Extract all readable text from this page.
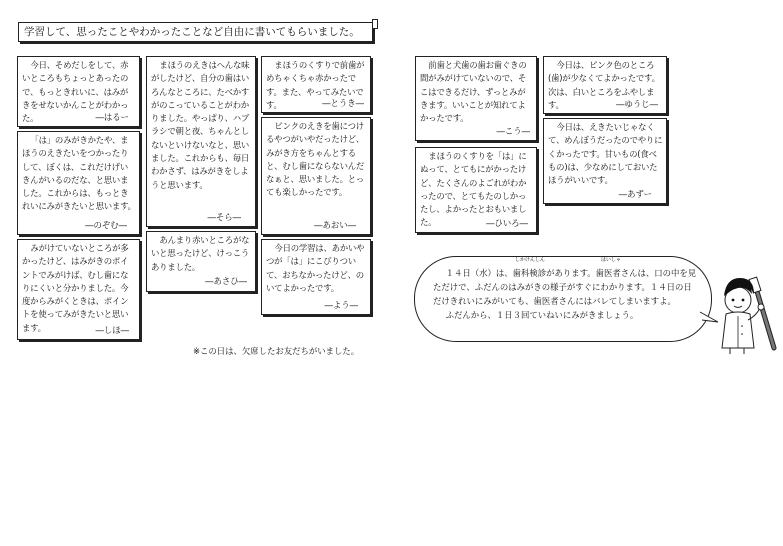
学習して、思ったことやわかったことなど自由に書いてもらいました。
今日、そめだしをして、赤いところもちょっとあったので、もっときれいに、はみがきをせないかんことがわかった。	―はるー
「は」のみがきかたや、まほうのえきたいをつかったりして、ぼくは、これだけげいきんがいるのだな、と思いました。これからは、もっときれいにみがきたいと思います。
―のぞむ―
みがけていないところが多かったけど、はみがきのポイントでみがけば、むし歯になりにくいと分かりました。今度からみがくときは、ポイントを使ってみがきたいと思います。	―しほ―
まほうのえきはへんな味がしたけど、自分の歯はいろんなところに、たべかすがのこっていることがわかりました。やっぱり、ハブラシで朝と夜、ちゃんとしないといけないなと、思いました。これからも、毎日わかさず、はみがきをしようと思います。
―そら―
あんまり赤いところがないと思ったけど、けっこうありました。
―あさひ―
まほうのくすりで前歯がめちゃくちゃ赤かったです。また、やってみたいです。	―とうき―
ピンクのえきを歯につけるやつがいやだったけど、みがき方をちゃんとすると、むし歯にならないんだなぁと、思いました。とっても楽しかったです。
―あおい―
今日の学習は、あかいやつが「は」にこびりついて、おちなかったけど、のいてよかったです。
―よう―
※この日は、欠席したお友だちがいました。
前歯と犬歯の歯お歯ぐきの間がみがけていないので、そこはできるだけ、ずっとみがきます。いいことが知れてよかったです。
―こう―
まほうのくすりを「は」にぬって、とてもにがかったけど、たくさんのよごれがわかったので、とてもたのしかったし、よかったとおもいました。	―ひいろ―
今日は、ピンク色のところ(歯)が少なくてよかったです。次は、白いところをふやします。	―ゆうじ―
今日は、えきたいじゃなくて、めんぼうだったのでやりにくかったです。甘いもの(食べもの)は、少なめにしておいたほうがいいです。
―あずー
しかけんしん	はいしゃ

１４日（水）は、歯科検診があります。歯医者さんは、口の中を見ただけで、ふだんのはみがきの様子がすぐにわかります。１４日の日だけきれいにみがいても、歯医者さんにはバレてしまいますよ。

ふだんから、１日３回ていねいにみがきましょう。
